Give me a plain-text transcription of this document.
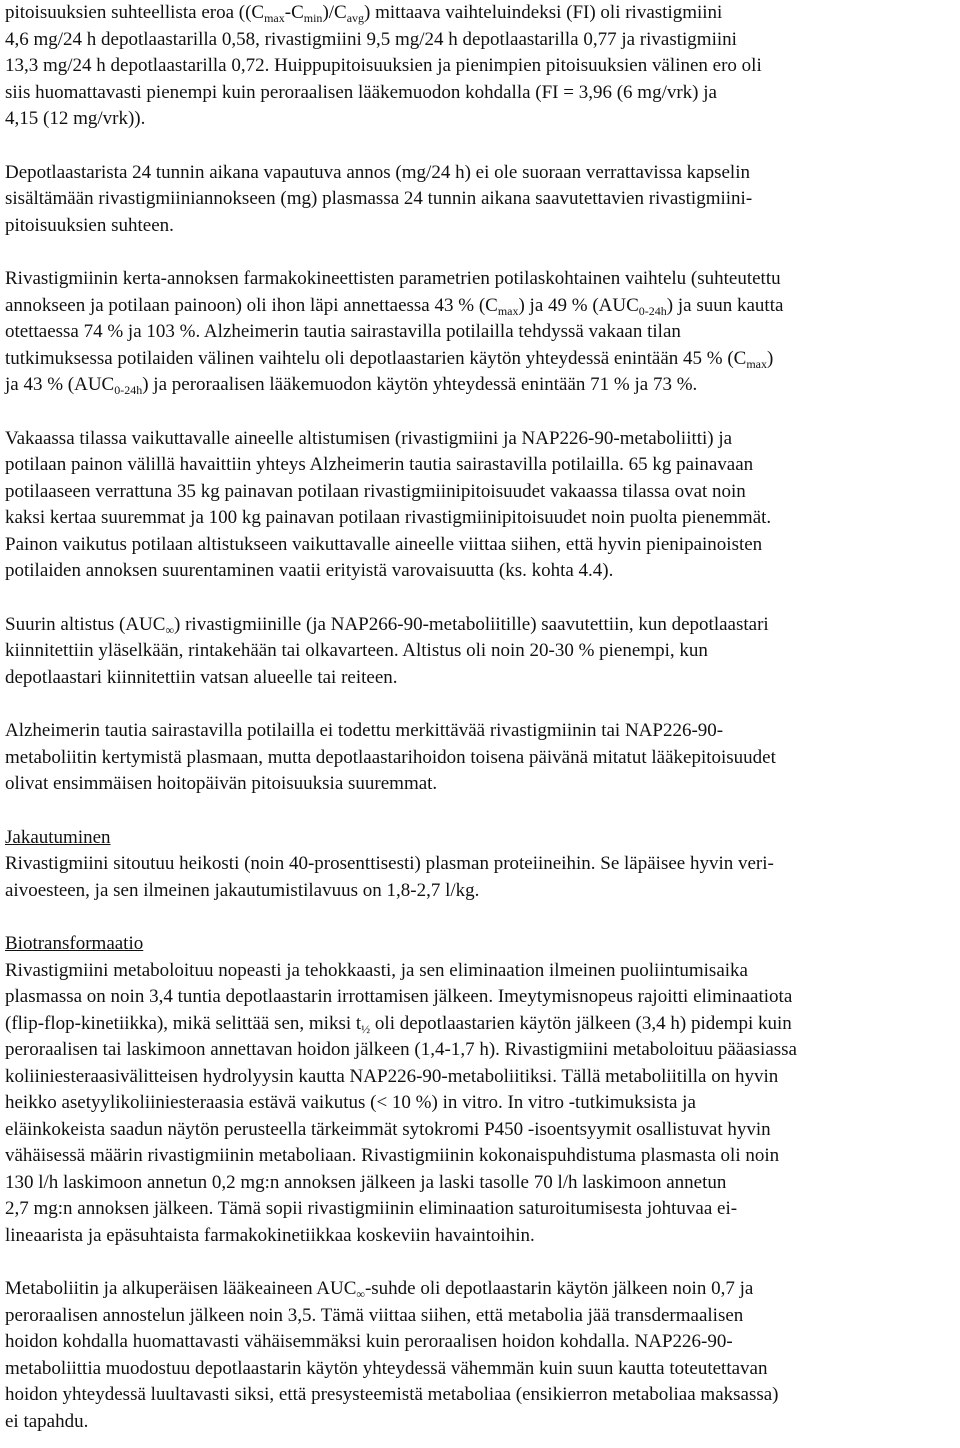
pitoisuuksien suhteellista eroa $((C_{max}-C_{min})/C_{avg})$ mittaava vaihteluindeksi (FI) oli rivastigmiini
4,6 mg/24 h depotlaastarilla 0,58, rivastigmiini 9,5 mg/24 h depotlaastarilla 0,77 ja rivastigmiini
13,3 mg/24 h depotlaastarilla 0,72. Huippupitoisuuksien ja pienimpien pitoisuuksien välinen ero oli
siis huomattavasti pienempi kuin peroraalisen lääkemuodon kohdalla (FI = 3,96 (6 mg/vrk) ja
4,15 (12 mg/vrk)).
Depotlaastarista 24 tunnin aikana vapautuva annos (mg/24 h) ei ole suoraan verrattavissa kapselin
sisältämään rivastigmiiniannokseen (mg) plasmassa 24 tunnin aikana saavutettavien rivastigmiini-
pitoisuuksien suhteen.
Rivastigmiinin kerta-annoksen farmakokineettisten parametrien potilaskohtainen vaihtelu (suhteutettu
annokseen ja potilaan painoon) oli ihon läpi annettaessa 43 % $(C_{max})$ ja 49 % $(AUC_{0-24h})$ ja suun kautta
otettaessa 74 % ja 103 %. Alzheimerin tautia sairastavilla potilailla tehdyssä vakaan tilan
tutkimuksessa potilaiden välinen vaihtelu oli depotlaastarien käytön yhteydessä enintään 45 % $(C_{max})$
ja 43 % $(AUC_{0-24h})$ ja peroraalisen lääkemuodon käytön yhteydessä enintään 71 % ja 73 %.
Vakaassa tilassa vaikuttavalle aineelle altistumisen (rivastigmiini ja NAP226-90-metaboliitti) ja
potilaan painon välillä havaittiin yhteys Alzheimerin tautia sairastavilla potilailla. 65 kg painavaan
potilaaseen verrattuna 35 kg painavan potilaan rivastigmiinipitoisuudet vakaassa tilassa ovat noin
kaksi kertaa suuremmat ja 100 kg painavan potilaan rivastigmiinipitoisuudet noin puolta pienemmät.
Painon vaikutus potilaan altistukseen vaikuttavalle aineelle viittaa siihen, että hyvin pienipainoisten
potilaiden annoksen suurentaminen vaatii erityistä varovaisuutta (ks. kohta 4.4).
Suurin altistus $(AUC_\infty)$ rivastigmiinille (ja NAP266-90-metaboliitille) saavutettiin, kun depotlaastari
kiinnitettiin yläselkään, rintakehään tai olkavarteen. Altistus oli noin 20-30 % pienempi, kun
depotlaastari kiinnitettiin vatsan alueelle tai reiteen.
Alzheimerin tautia sairastavilla potilailla ei todettu merkittävää rivastigmiinin tai NAP226-90-
metaboliitin kertymistä plasmaan, mutta depotlaastarihoidon toisena päivänä mitatut lääkepitoisuudet
olivat ensimmäisen hoitopäivän pitoisuuksia suuremmat.
Jakautuminen
Rivastigmiini sitoutuu heikosti (noin 40-prosenttisesti) plasman proteiineihin. Se läpäisee hyvin veri-
aivoesteen, ja sen ilmeinen jakautumistilavuus on 1,8-2,7 l/kg.
Biotransformaatio
Rivastigmiini metaboloituu nopeasti ja tehokkaasti, ja sen eliminaation ilmeinen puoliintumisaika
plasmassa on noin 3,4 tuntia depotlaastarin irrottamisen jälkeen. Imeytymisnopeus rajoitti eliminaatiota
(flip-flop-kinetiikka), mikä selittää sen, miksi $t_{\frac{1}{2}}$ oli depotlaastarien käytön jälkeen (3,4 h) pidempi kuin
peroraalisen tai laskimoon annettavan hoidon jälkeen (1,4-1,7 h). Rivastigmiini metaboloituu pääasiassa
koliiniesteraasivälitteisen hydrolyysin kautta NAP226-90-metaboliitiksi. Tällä metaboliitilla on hyvin
heikko asetyylikoliiniesteraasia estävä vaikutus (< 10 %) in vitro. In vitro -tutkimuksista ja
eläinkokeista saadun näytön perusteella tärkeimmät sytokromi P450 -isoentsyymit osallistuvat hyvin
vähäisessä määrin rivastigmiinin metaboliaan. Rivastigmiinin kokonaispuhdistuma plasmasta oli noin
130 l/h laskimoon annetun 0,2 mg:n annoksen jälkeen ja laski tasolle 70 l/h laskimoon annetun
2,7 mg:n annoksen jälkeen. Tämä sopii rivastigmiinin eliminaation saturoitumisesta johtuvaa ei-
lineaarista ja epäsuhtaista farmakokinetiikkaa koskeviin havaintoihin.
Metaboliitin ja alkuperäisen lääkeaineen $AUC_\infty$-suhde oli depotlaastarin käytön jälkeen noin 0,7 ja
peroraalisen annostelun jälkeen noin 3,5. Tämä viittaa siihen, että metabolia jää transdermaalisen
hoidon kohdalla huomattavasti vähäisemmäksi kuin peroraalisen hoidon kohdalla. NAP226-90-
metaboliittia muodostuu depotlaastarin käytön yhteydessä vähemmän kuin suun kautta toteutettavan
hoidon yhteydessä luultavasti siksi, että presysteemistä metaboliaa (ensikierron metaboliaa maksassa)
ei tapahdu.
